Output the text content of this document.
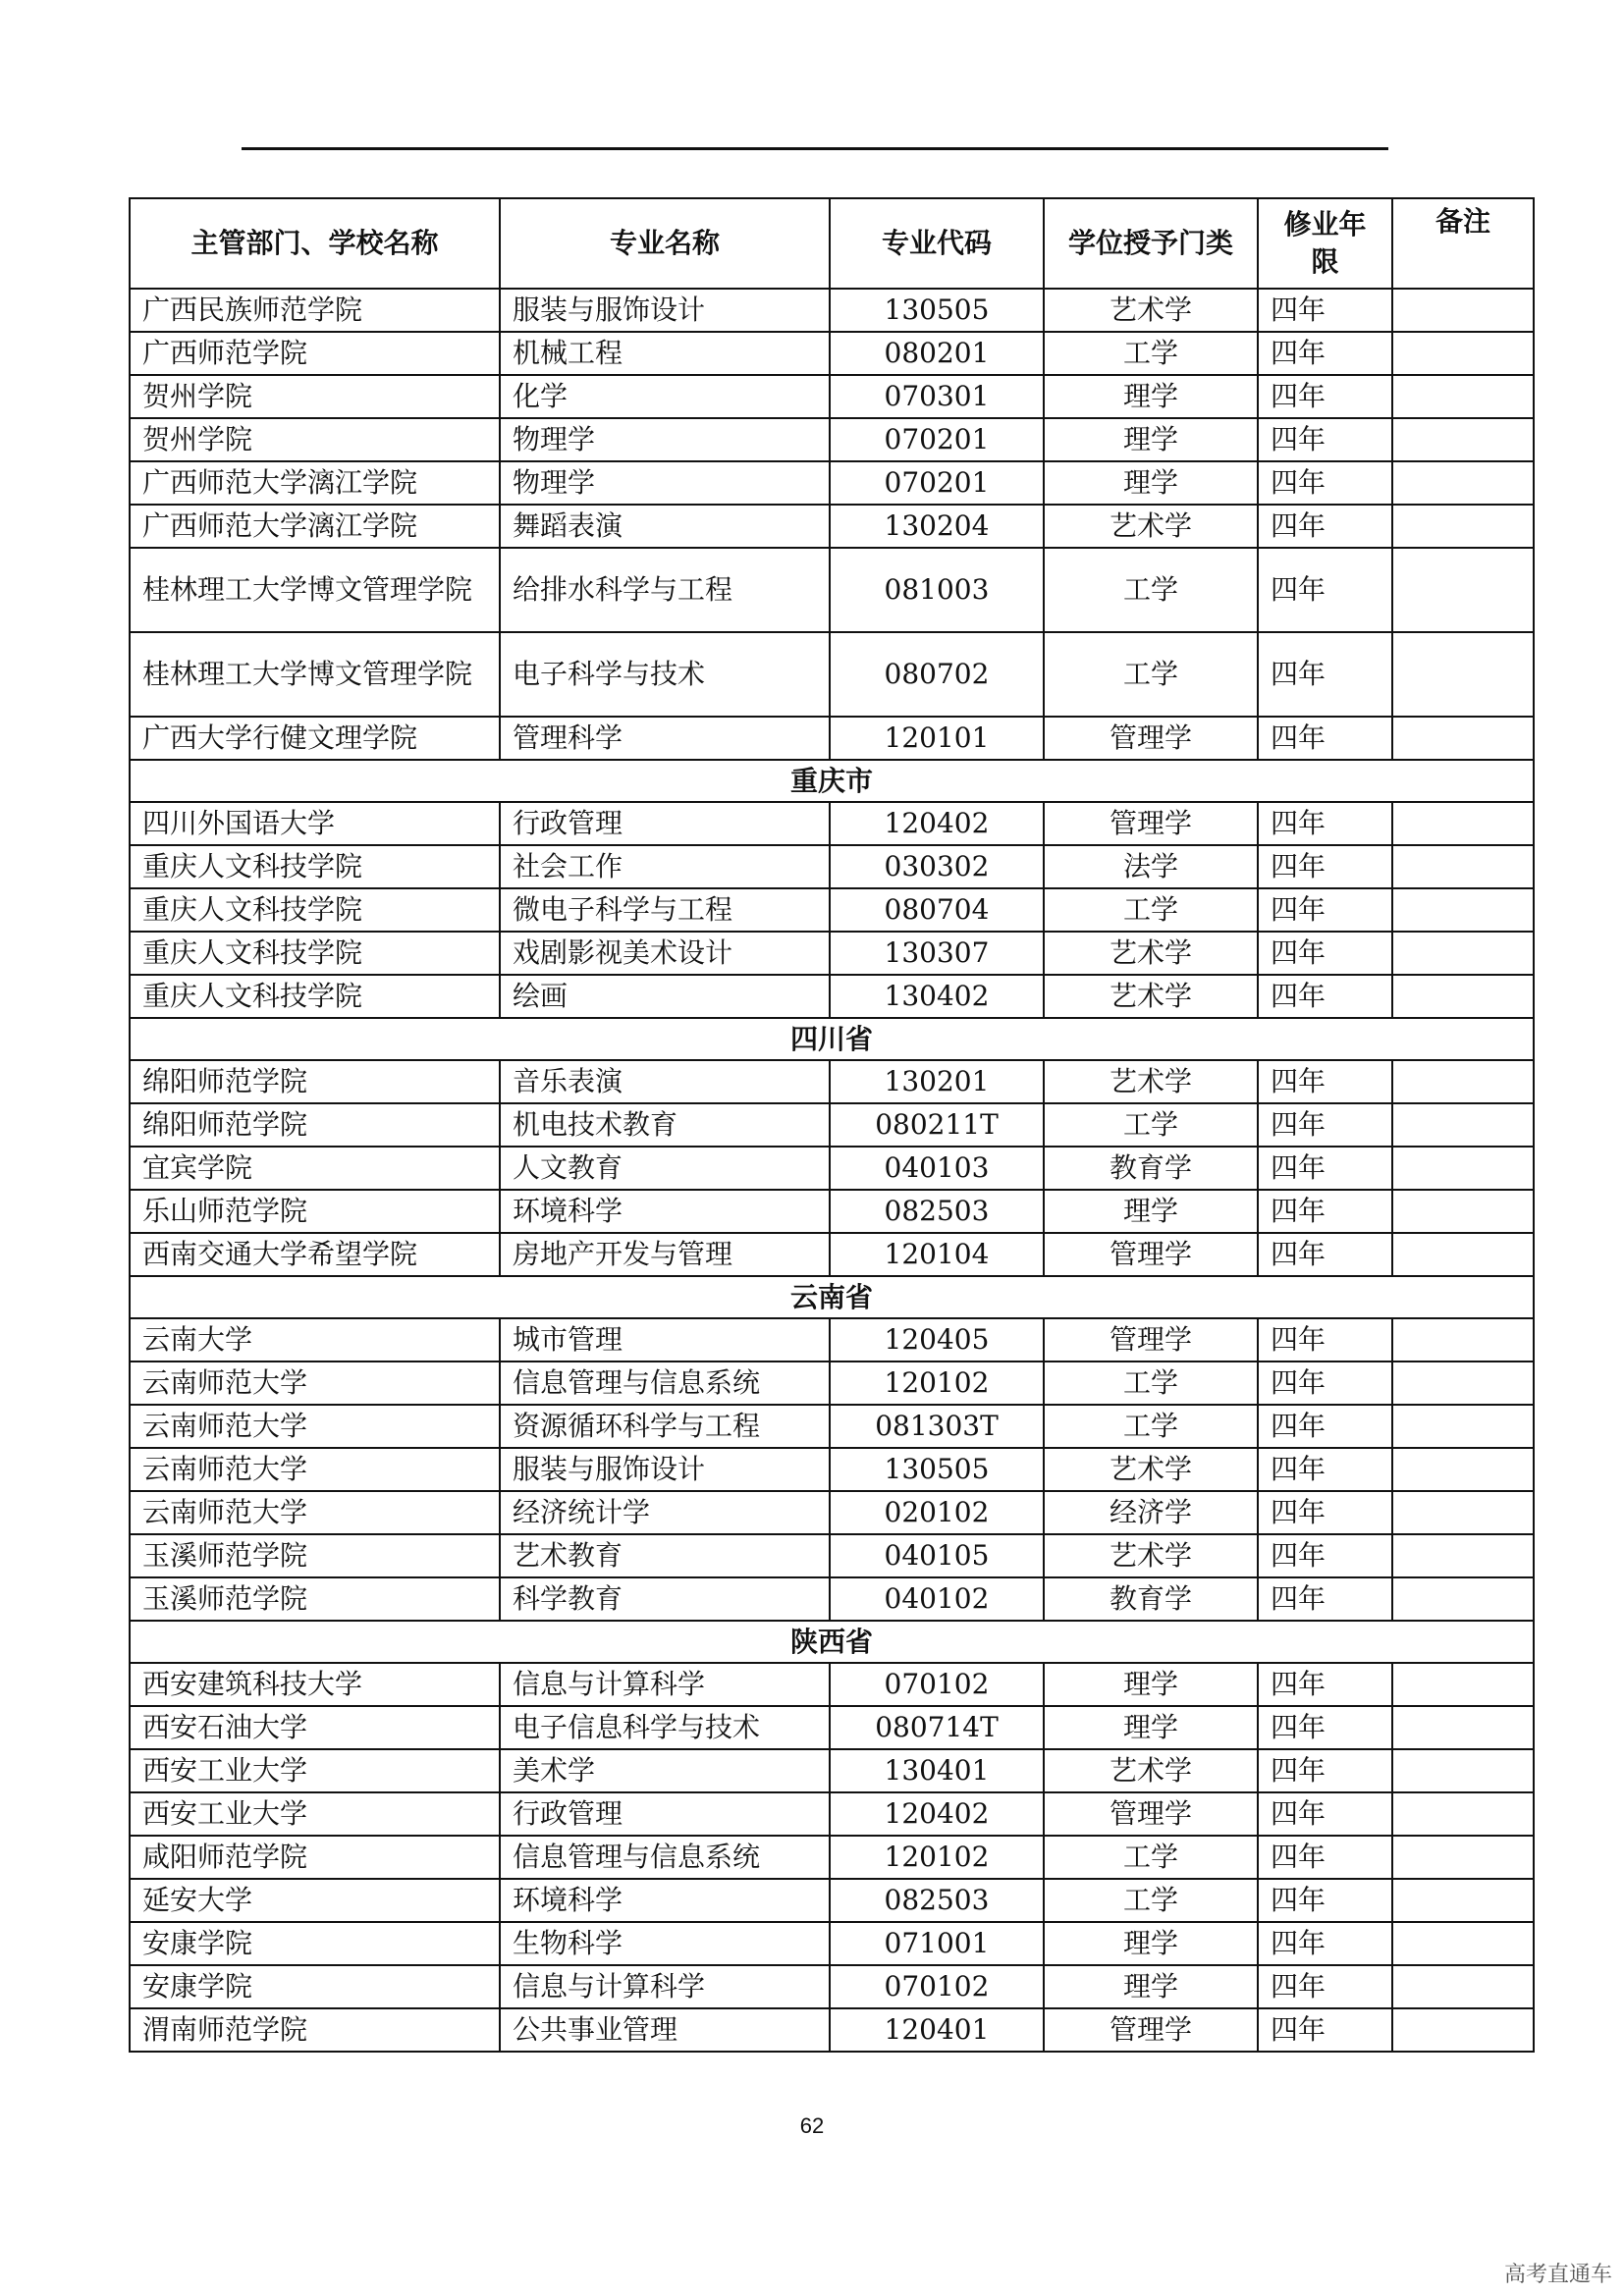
主管部门、学校名称	专业名称	专业代码	学位授予门类	修业年限	备注
广西民族师范学院	服装与服饰设计	130505	艺术学	四年	
广西师范学院	机械工程	080201	工学	四年	
贺州学院	化学	070301	理学	四年	
贺州学院	物理学	070201	理学	四年	
广西师范大学漓江学院	物理学	070201	理学	四年	
广西师范大学漓江学院	舞蹈表演	130204	艺术学	四年	
桂林理工大学博文管理学院	给排水科学与工程	081003	工学	四年	
桂林理工大学博文管理学院	电子科学与技术	080702	工学	四年	
广西大学行健文理学院	管理科学	120101	管理学	四年	
重庆市					
四川外国语大学	行政管理	120402	管理学	四年	
重庆人文科技学院	社会工作	030302	法学	四年	
重庆人文科技学院	微电子科学与工程	080704	工学	四年	
重庆人文科技学院	戏剧影视美术设计	130307	艺术学	四年	
重庆人文科技学院	绘画	130402	艺术学	四年	
四川省					
绵阳师范学院	音乐表演	130201	艺术学	四年	
绵阳师范学院	机电技术教育	080211T	工学	四年	
宜宾学院	人文教育	040103	教育学	四年	
乐山师范学院	环境科学	082503	理学	四年	
西南交通大学希望学院	房地产开发与管理	120104	管理学	四年	
云南省					
云南大学	城市管理	120405	管理学	四年	
云南师范大学	信息管理与信息系统	120102	工学	四年	
云南师范大学	资源循环科学与工程	081303T	工学	四年	
云南师范大学	服装与服饰设计	130505	艺术学	四年	
云南师范大学	经济统计学	020102	经济学	四年	
玉溪师范学院	艺术教育	040105	艺术学	四年	
玉溪师范学院	科学教育	040102	教育学	四年	
陕西省					
西安建筑科技大学	信息与计算科学	070102	理学	四年	
西安石油大学	电子信息科学与技术	080714T	理学	四年	
西安工业大学	美术学	130401	艺术学	四年	
西安工业大学	行政管理	120402	管理学	四年	
咸阳师范学院	信息管理与信息系统	120102	工学	四年	
延安大学	环境科学	082503	工学	四年	
安康学院	生物科学	071001	理学	四年	
安康学院	信息与计算科学	070102	理学	四年	
渭南师范学院	公共事业管理	120401	管理学	四年	
62
高考直通车
